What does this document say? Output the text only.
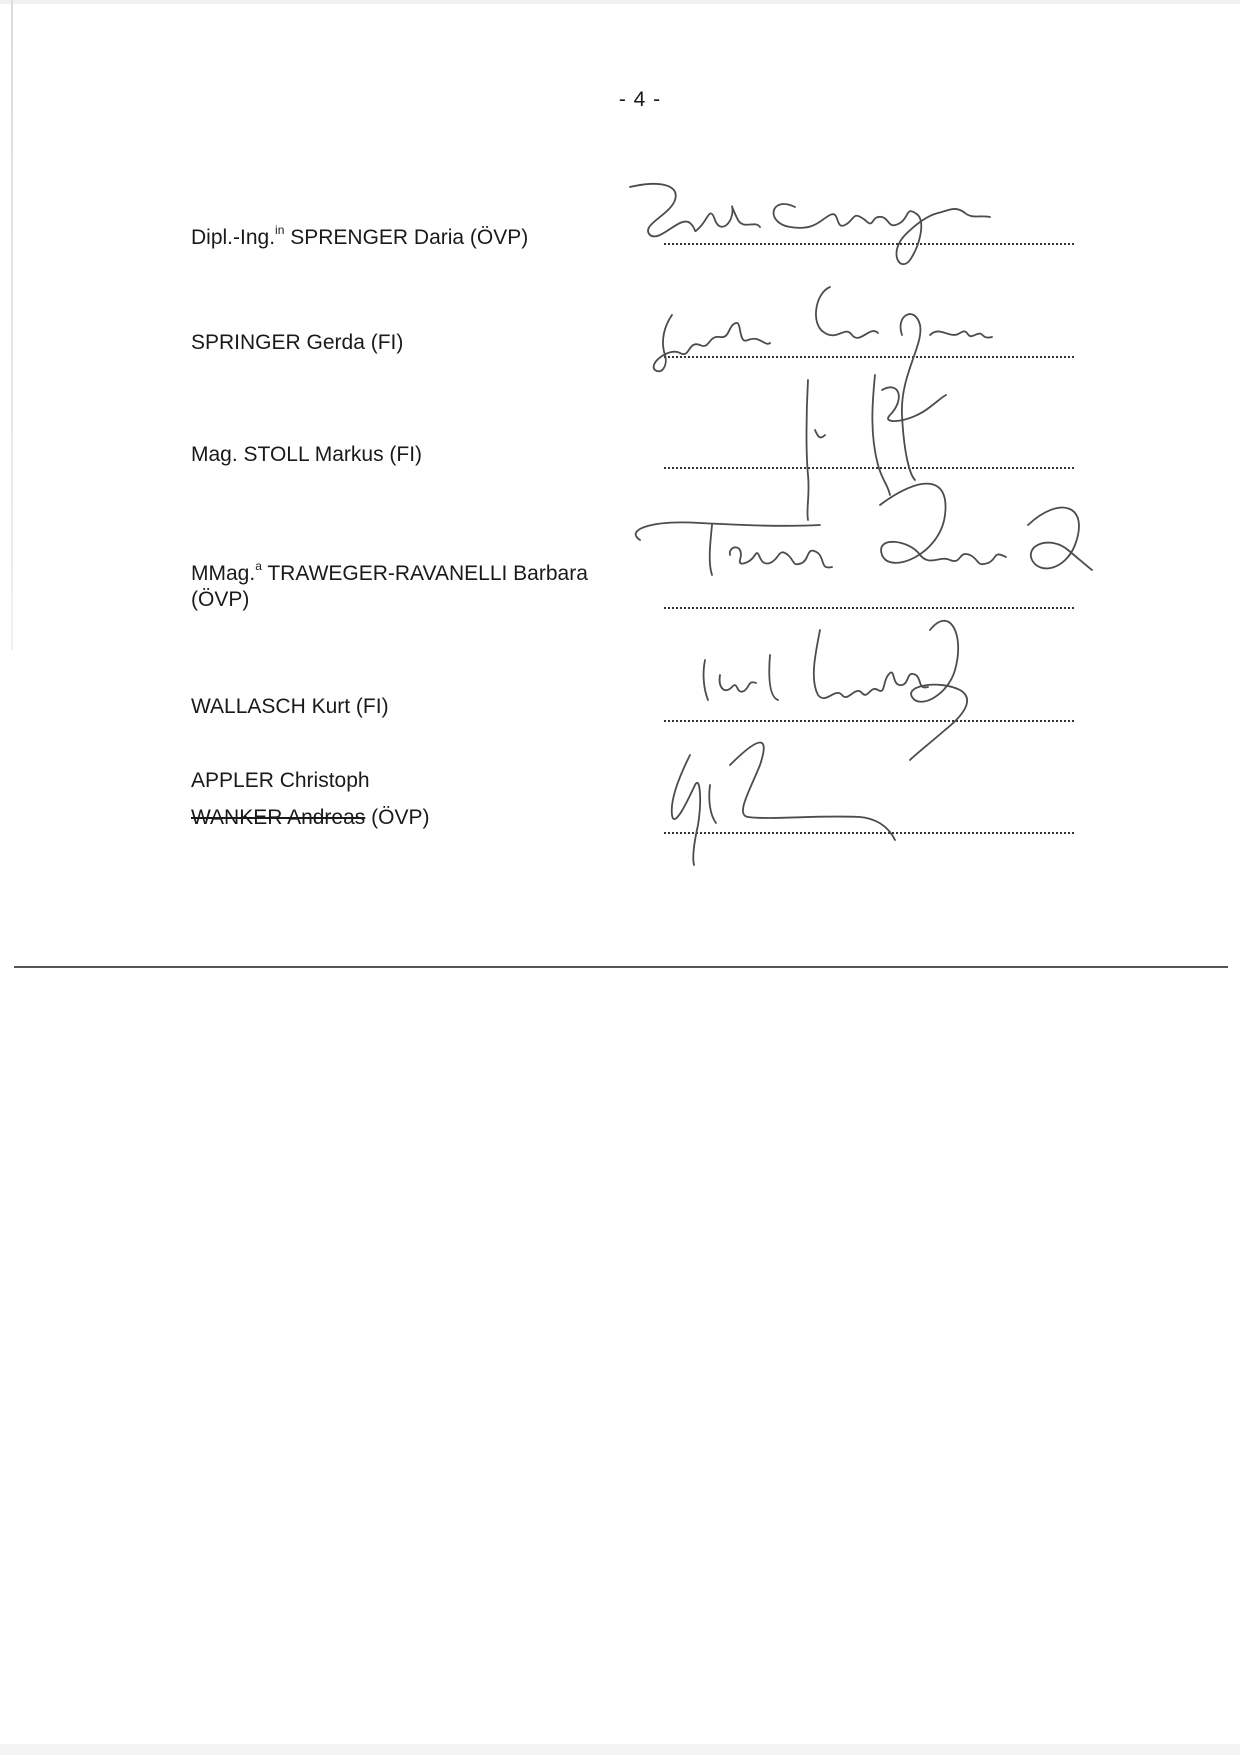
- 4 -
Dipl.-Ing.$^{in}$ SPRENGER Daria (ÖVP)
SPRINGER Gerda (FI)
Mag. STOLL Markus (FI)
MMag.$^a$ TRAWEGER-RAVANELLI Barbara
(ÖVP)
WALLASCH Kurt (FI)
APPLER Christoph
WANKER Andreas (ÖVP)
